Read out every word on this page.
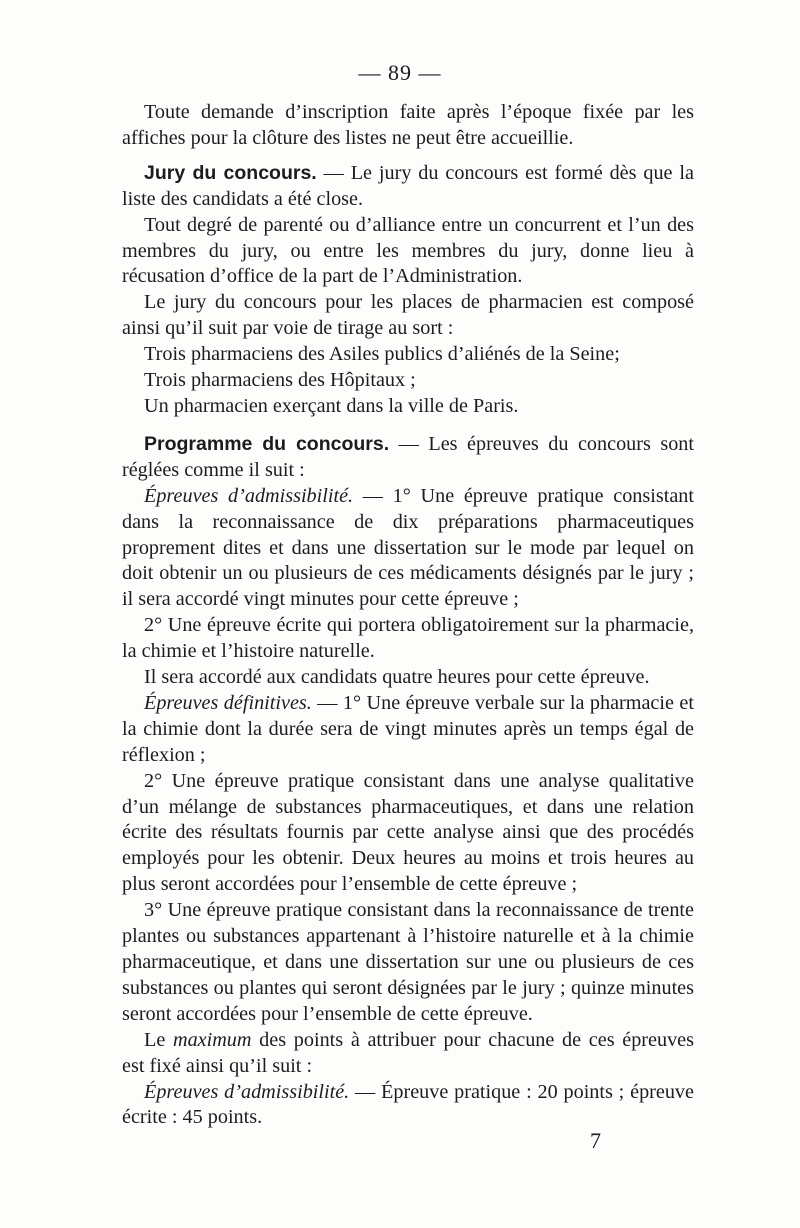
— 89 —

Toute demande d’inscription faite après l’époque fixée par les affiches pour la clôture des listes ne peut être accueillie.

Jury du concours. — Le jury du concours est formé dès que la liste des candidats a été close.

Tout degré de parenté ou d’alliance entre un concurrent et l’un des membres du jury, ou entre les membres du jury, donne lieu à récusation d’office de la part de l’Administration.

Le jury du concours pour les places de pharmacien est composé ainsi qu’il suit par voie de tirage au sort :

Trois pharmaciens des Asiles publics d’aliénés de la Seine;

Trois pharmaciens des Hôpitaux ;

Un pharmacien exerçant dans la ville de Paris.

Programme du concours. — Les épreuves du concours sont réglées comme il suit :

Épreuves d’admissibilité. — 1° Une épreuve pratique consistant dans la reconnaissance de dix préparations pharmaceutiques proprement dites et dans une dissertation sur le mode par lequel on doit obtenir un ou plusieurs de ces médicaments désignés par le jury ; il sera accordé vingt minutes pour cette épreuve ;

2° Une épreuve écrite qui portera obligatoirement sur la pharmacie, la chimie et l’histoire naturelle.

Il sera accordé aux candidats quatre heures pour cette épreuve.

Épreuves définitives. — 1° Une épreuve verbale sur la pharmacie et la chimie dont la durée sera de vingt minutes après un temps égal de réflexion ;

2° Une épreuve pratique consistant dans une analyse qualitative d’un mélange de substances pharmaceutiques, et dans une relation écrite des résultats fournis par cette analyse ainsi que des procédés employés pour les obtenir. Deux heures au moins et trois heures au plus seront accordées pour l’ensemble de cette épreuve ;

3° Une épreuve pratique consistant dans la reconnaissance de trente plantes ou substances appartenant à l’histoire naturelle et à la chimie pharmaceutique, et dans une dissertation sur une ou plusieurs de ces substances ou plantes qui seront désignées par le jury ; quinze minutes seront accordées pour l’ensemble de cette épreuve.

Le maximum des points à attribuer pour chacune de ces épreuves est fixé ainsi qu’il suit :

Épreuves d’admissibilité. — Épreuve pratique : 20 points ; épreuve écrite : 45 points.

7
